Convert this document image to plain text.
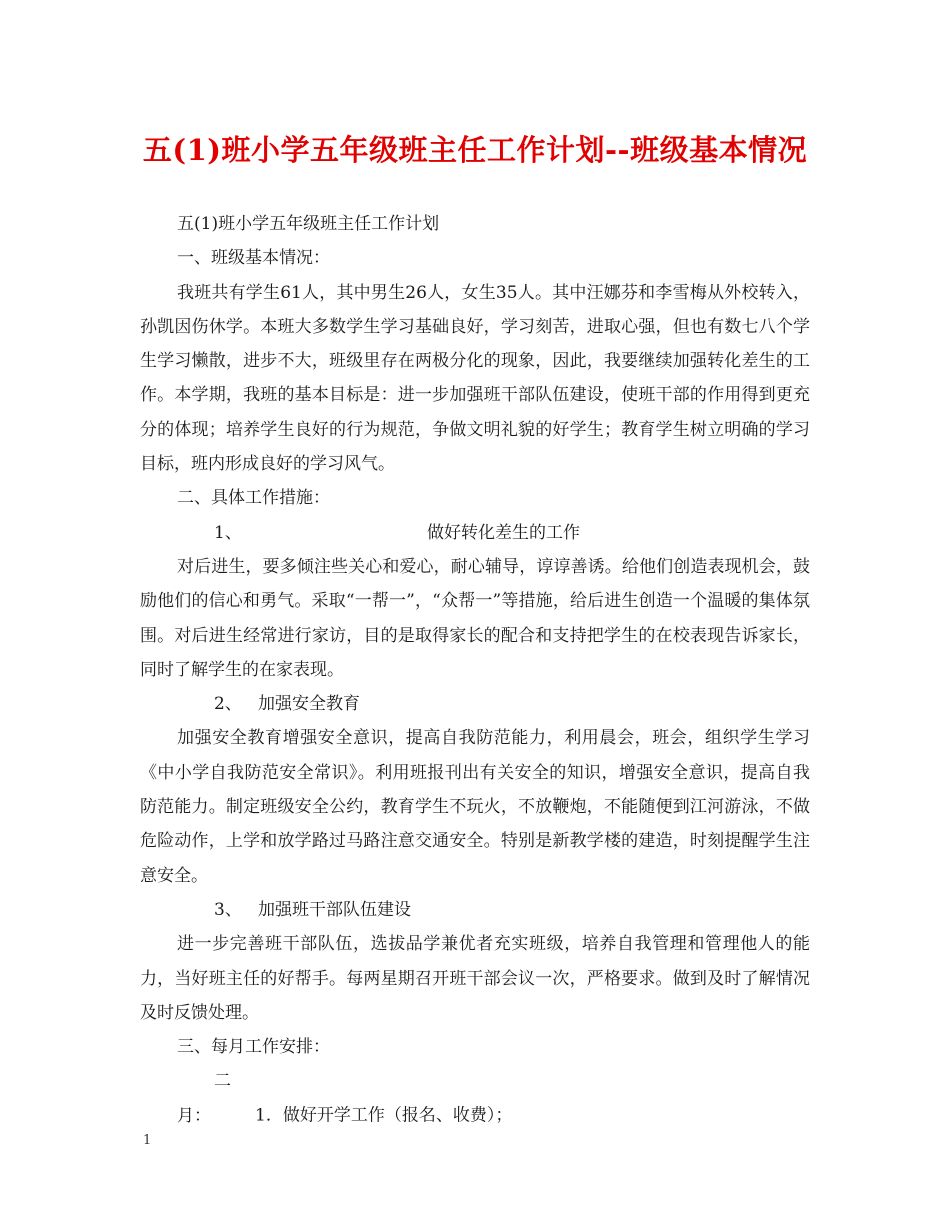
五(1)班小学五年级班主任工作计划--班级基本情况

五(1)班小学五年级班主任工作计划

一、班级基本情况：

我班共有学生61人，其中男生26人，女生35人。其中汪娜芬和李雪梅从外校转入，孙凯因伤休学。本班大多数学生学习基础良好，学习刻苦，进取心强，但也有数七八个学生学习懒散，进步不大，班级里存在两极分化的现象，因此，我要继续加强转化差生的工作。本学期，我班的基本目标是：进一步加强班干部队伍建设，使班干部的作用得到更充分的体现；培养学生良好的行为规范，争做文明礼貌的好学生；教育学生树立明确的学习目标，班内形成良好的学习风气。

二、具体工作措施：

1、	做好转化差生的工作

对后进生，要多倾注些关心和爱心，耐心辅导，谆谆善诱。给他们创造表现机会，鼓励他们的信心和勇气。采取“一帮一”，“众帮一”等措施，给后进生创造一个温暖的集体氛围。对后进生经常进行家访，目的是取得家长的配合和支持把学生的在校表现告诉家长，同时了解学生的在家表现。

2、 加强安全教育

加强安全教育增强安全意识，提高自我防范能力，利用晨会，班会，组织学生学习《中小学自我防范安全常识》。利用班报刊出有关安全的知识，增强安全意识，提高自我防范能力。制定班级安全公约，教育学生不玩火，不放鞭炮，不能随便到江河游泳，不做危险动作，上学和放学路过马路注意交通安全。特别是新教学楼的建造，时刻提醒学生注意安全。

3、 加强班干部队伍建设

进一步完善班干部队伍，选拔品学兼优者充实班级，培养自我管理和管理他人的能力，当好班主任的好帮手。每两星期召开班干部会议一次，严格要求。做到及时了解情况及时反馈处理。

三、每月工作安排：

二月：	1．做好开学工作（报名、收费）；

1
